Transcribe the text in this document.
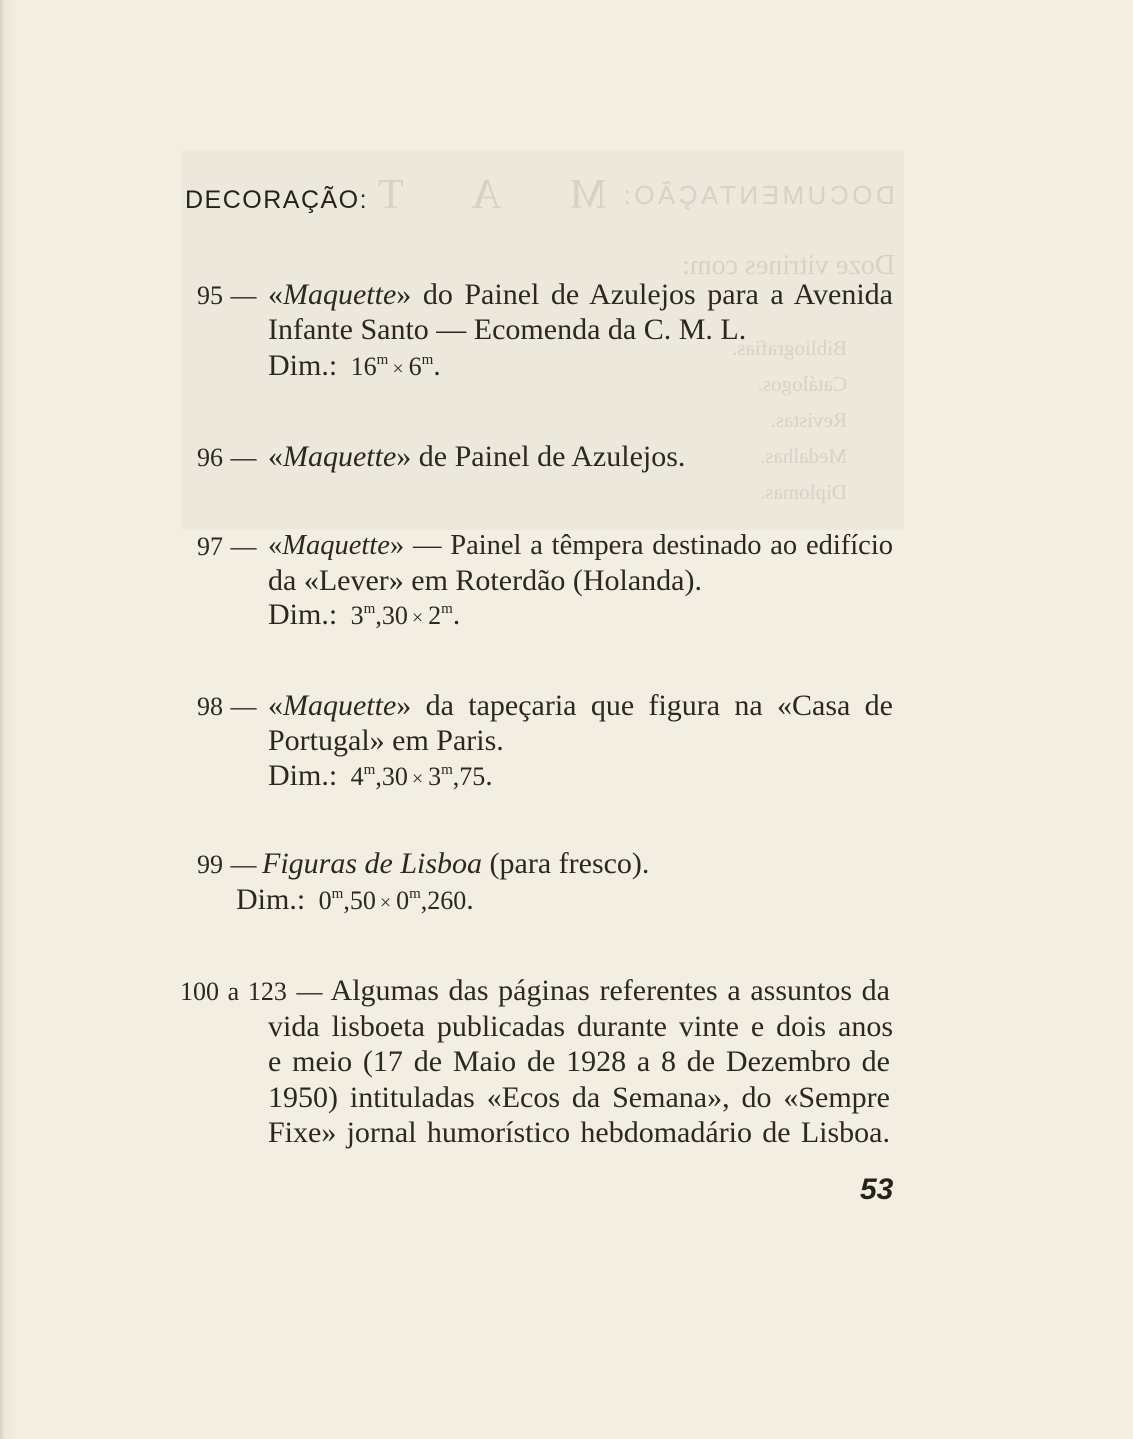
DOCUMENTAÇÃO:
M A T
Doze vitrines com:
Bibliografias.
Catálogos.
Revistas.
Medalhas.
Diplomas.
DECORAÇÃO:
95 — «Maquette» do Painel de Azulejos para a Avenida
Infante Santo — Ecomenda da C. M. L.
Dim.: $16^m \times 6^m$.
96 — «Maquette» de Painel de Azulejos.
97 — «Maquette» — Painel a têmpera destinado ao edifício
da «Lever» em Roterdão (Holanda).
Dim.: $3^m,30 \times 2^m$.
98 — «Maquette» da tapeçaria que figura na «Casa de
Portugal» em Paris.
Dim.: $4^m,30 \times 3^m,75$.
99 — Figuras de Lisboa (para fresco).
Dim.: $0^m,50 \times 0^m,260$.
100 a 123 — Algumas das páginas referentes a assuntos da
vida lisboeta publicadas durante vinte e dois anos
e meio (17 de Maio de 1928 a 8 de Dezembro de
1950) intituladas «Ecos da Semana», do «Sempre
Fixe» jornal humorístico hebdomadário de Lisboa.
53
